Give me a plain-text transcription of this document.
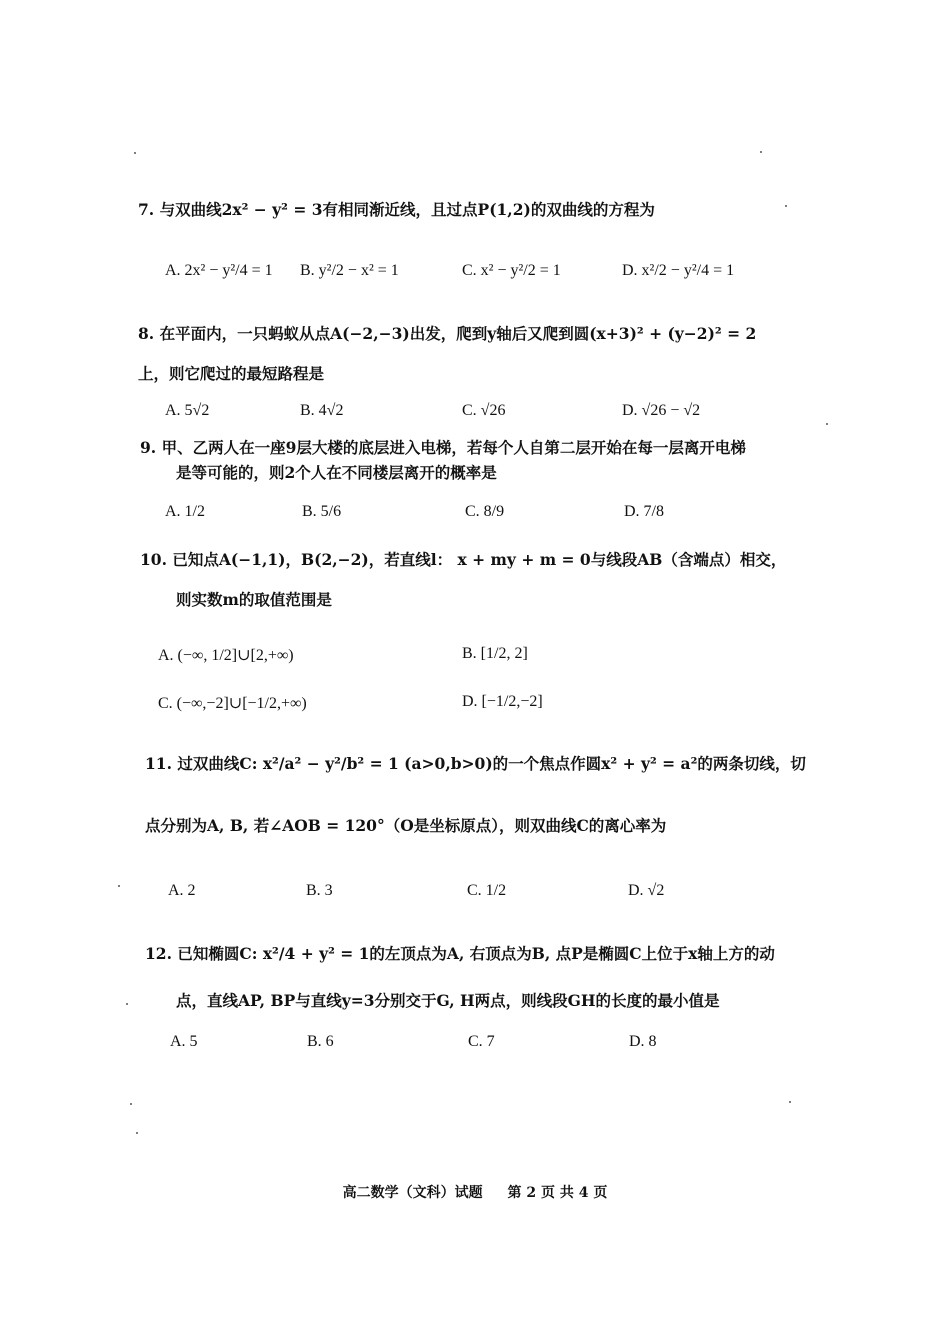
7. 与双曲线2x² − y² = 3有相同渐近线，且过点P(1,2)的双曲线的方程为
A. 2x² − y²/4 = 1 B. y²/2 − x² = 1	C. x² − y²/2 = 1	D. x²/2 − y²/4 = 1
8. 在平面内，一只蚂蚁从点A(−2,−3)出发，爬到y轴后又爬到圆(x+3)² + (y−2)² = 2
上，则它爬过的最短路程是
A. 5√2	B. 4√2	C. √26	D. √26 − √2
9. 甲、乙两人在一座9层大楼的底层进入电梯，若每个人自第二层开始在每一层离开电梯
是等可能的，则2个人在不同楼层离开的概率是
A. 1/2	B. 5/6	C. 8/9	D. 7/8
10. 已知点A(−1,1)，B(2,−2)，若直线l： x + my + m = 0与线段AB（含端点）相交，
则实数m的取值范围是
A. (−∞, 1/2]∪[2,+∞)	B. [1/2, 2]
C. (−∞,−2]∪[−1/2,+∞)	D. [−1/2,−2]
11. 过双曲线C: x²/a² − y²/b² = 1 (a>0,b>0)的一个焦点作圆x² + y² = a²的两条切线，切
点分别为A, B, 若∠AOB = 120°（O是坐标原点），则双曲线C的离心率为
A. 2	B. 3	C. 1/2	D. √2
12. 已知椭圆C: x²/4 + y² = 1的左顶点为A, 右顶点为B, 点P是椭圆C上位于x轴上方的动
点，直线AP, BP与直线y=3分别交于G, H两点，则线段GH的长度的最小值是
A. 5	B. 6	C. 7	D. 8
高二数学（文科）试题 第 2 页 共 4 页
